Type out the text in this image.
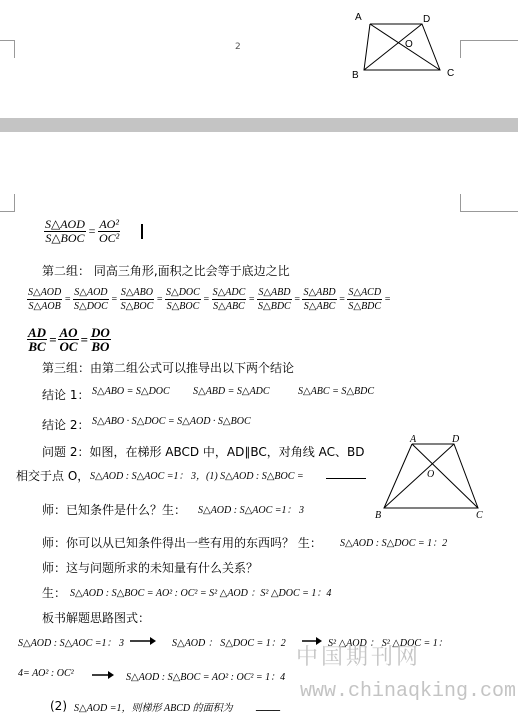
2
A	D
O
B	C
$\frac{\text{S△AOD}}{\text{S△BOC}} = \frac{\text{AO²}}{\text{OC²}}$
第二组： 同高三角形,面积之比会等于底边之比
$\frac{\text{S△AOD}}{\text{S△AOB}} = \frac{\text{S△AOD}}{\text{S△DOC}} = \frac{\text{S△ABO}}{\text{S△BOC}} = \frac{\text{S△DOC}}{\text{S△BOC}} = \frac{\text{S△ADC}}{\text{S△ABC}} = \frac{\text{S△ABD}}{\text{S△BDC}} = \frac{\text{S△ABD}}{\text{S△ABC}} = \frac{\text{S△ACD}}{\text{S△BDC}}$ =
$\frac{AD}{BC} = \frac{AO}{OC} = \frac{DO}{BO}$
第三组：由第二组公式可以推导出以下两个结论
结论 1： S△ABO = S△DOC S△ABD = S△ADC	S△ABC = S△BDC
结论 2： S△ABO · S△DOC = S△AOD · S△BOC
问题 2：如图，在梯形 ABCD 中，AD∥BC，对角线 AC、BD
相交于点 O， S△AOD : S△AOC =1： 3，(1) S△AOD : S△BOC =
A	D
O
B	C
师：已知条件是什么？生： S△AOD : S△AOC =1： 3
师：你可以从已知条件得出一些有用的东西吗？ 生： S△AOD : S△DOC = 1：2
师：这与问题所求的未知量有什么关系？
生： S△AOD : S△BOC = AO² : OC² = S² △AOD ：S² △DOC = 1：4
板书解题思路图式：
S△AOD : S△AOC =1： 3	S△AOD ： S△DOC = 1：2	S² △AOD ： S² △DOC = 1：
4= AO² : OC²	S△AOD : S△BOC = AO² : OC² = 1：4
(2) S△AOD =1，则梯形 ABCD 的面积为 ____
中国期刊网
www.chinaqking.com
